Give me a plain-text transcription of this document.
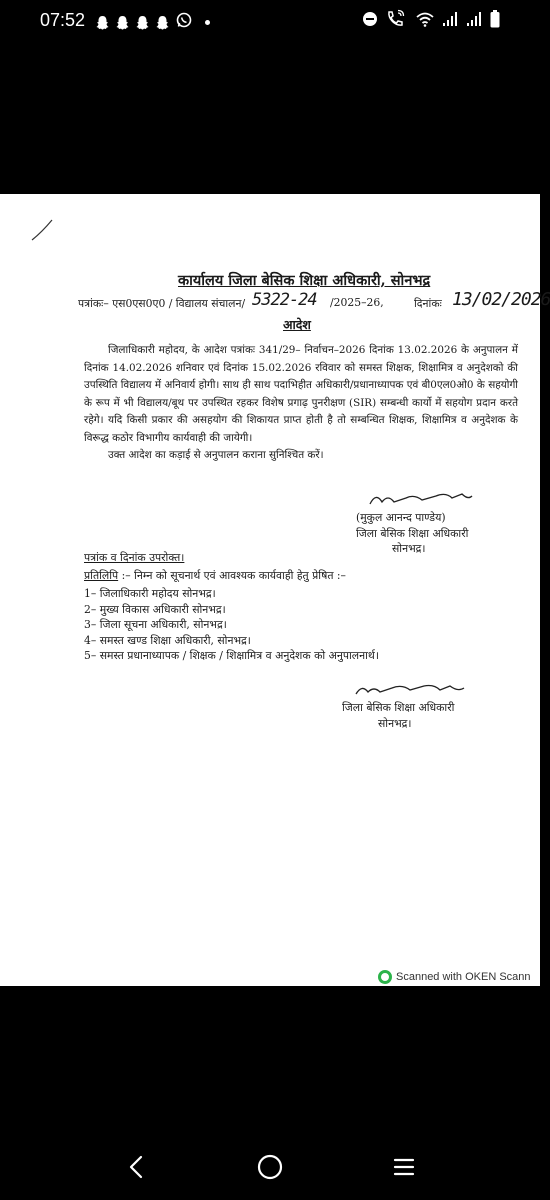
07:52
कार्यालय जिला बेसिक शिक्षा अधिकारी, सोनभद्र
पत्रांकः– एस0एस0ए0 / विद्यालय संचालन/ 5322-24 /2025–26,	दिनांकः 13/02/2026
आदेश

जिलाधिकारी महोदय, के आदेश पत्रांकः 341/29– निर्वाचन–2026 दिनांक 13.02.2026 के अनुपालन में दिनांक 14.02.2026 शनिवार एवं दिनांक 15.02.2026 रविवार को समस्त शिक्षक, शिक्षामित्र व अनुदेशको की उपस्थिति विद्यालय में अनिवार्य होगी। साथ ही साथ पदाभिहीत अधिकारी/प्रधानाध्यापक एवं बी0एल0ओ0 के सहयोगी के रूप में भी विद्यालय/बूथ पर उपस्थित रहकर विशेष प्रगाढ़ पुनरीक्षण (SIR) सम्बन्धी कार्यो में सहयोग प्रदान करते रहेगे। यदि किसी प्रकार की असहयोग की शिकायत प्राप्त होती है तो सम्बन्धित शिक्षक, शिक्षामित्र व अनुदेशक के विरूद्ध कठोर विभागीय कार्यवाही की जायेगी।

उक्त आदेश का कड़ाई से अनुपालन कराना सुनिश्चित करें।

(मुकुल आनन्द पाण्डेय)
जिला बेसिक शिक्षा अधिकारी
सोनभद्र।
पत्रांक व दिनांक उपरोक्त।
प्रतिलिपि :– निम्न को सूचनार्थ एवं आवश्यक कार्यवाही हेतु प्रेषित :–
1– जिलाधिकारी महोदय सोनभद्र।
2– मुख्य विकास अधिकारी सोनभद्र।
3– जिला सूचना अधिकारी, सोनभद्र।
4– समस्त खण्ड शिक्षा अधिकारी, सोनभद्र।
5– समस्त प्रधानाध्यापक / शिक्षक / शिक्षामित्र व अनुदेशक को अनुपालनार्थ।
जिला बेसिक शिक्षा अधिकारी
सोनभद्र।
Scanned with OKEN Scann
